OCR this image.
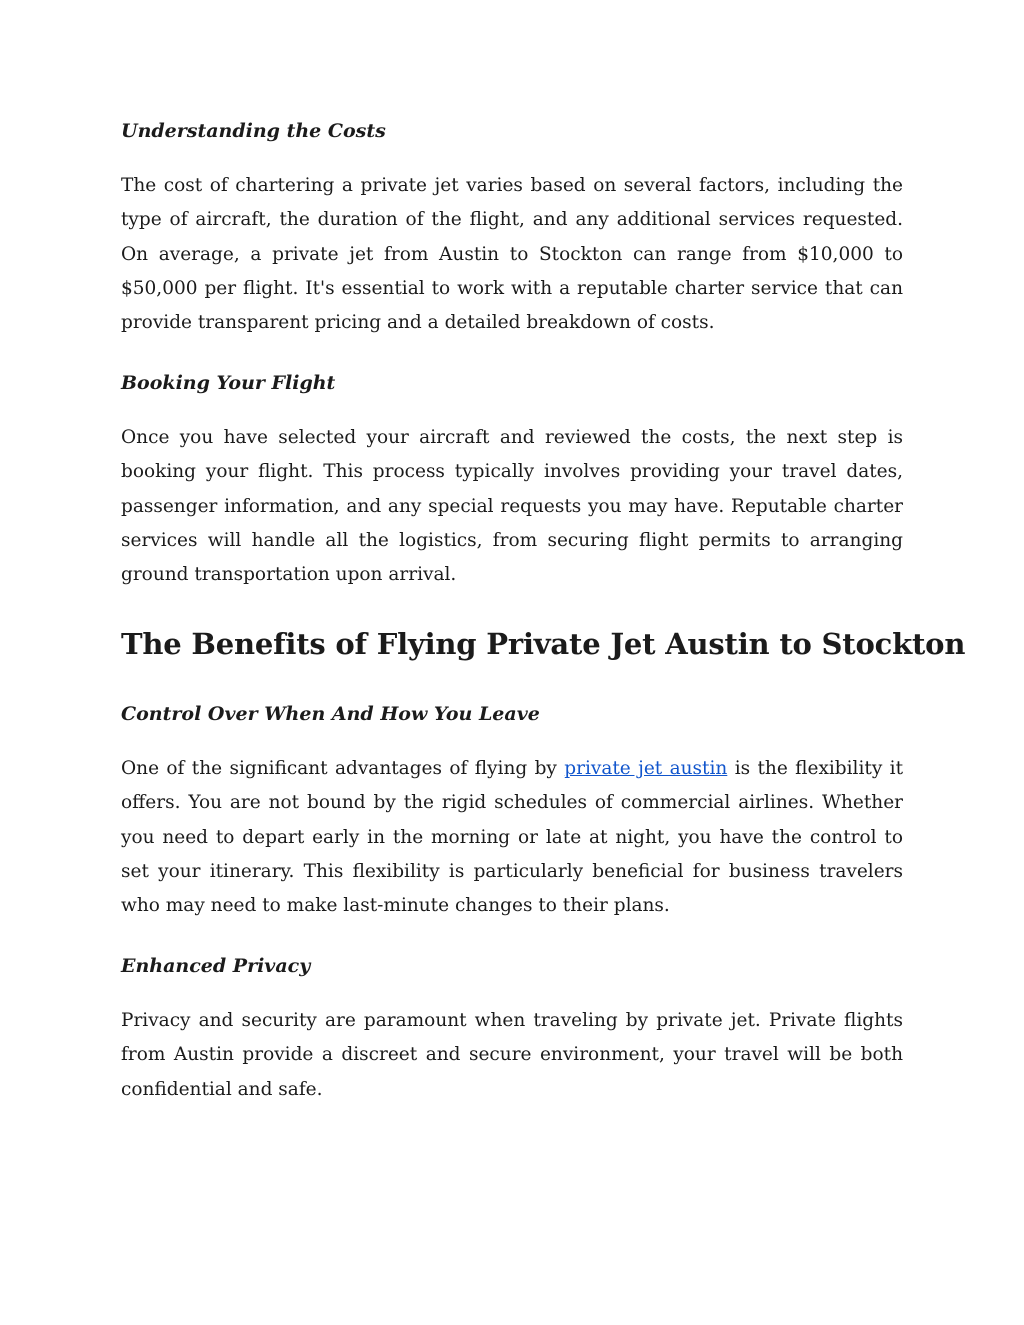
Understanding the Costs

The cost of chartering a private jet varies based on several factors, including the type of aircraft, the duration of the flight, and any additional services requested. On average, a private jet from Austin to Stockton can range from $10,000 to $50,000 per flight. It's essential to work with a reputable charter service that can provide transparent pricing and a detailed breakdown of costs.

Booking Your Flight

Once you have selected your aircraft and reviewed the costs, the next step is booking your flight. This process typically involves providing your travel dates, passenger information, and any special requests you may have. Reputable charter services will handle all the logistics, from securing flight permits to arranging ground transportation upon arrival.

The Benefits of Flying Private Jet Austin to Stockton
Control Over When And How You Leave

One of the significant advantages of flying by private jet austin is the flexibility it offers. You are not bound by the rigid schedules of commercial airlines. Whether you need to depart early in the morning or late at night, you have the control to set your itinerary. This flexibility is particularly beneficial for business travelers who may need to make last-minute changes to their plans.

Enhanced Privacy

Privacy and security are paramount when traveling by private jet. Private flights from Austin provide a discreet and secure environment, your travel will be both confidential and safe.
